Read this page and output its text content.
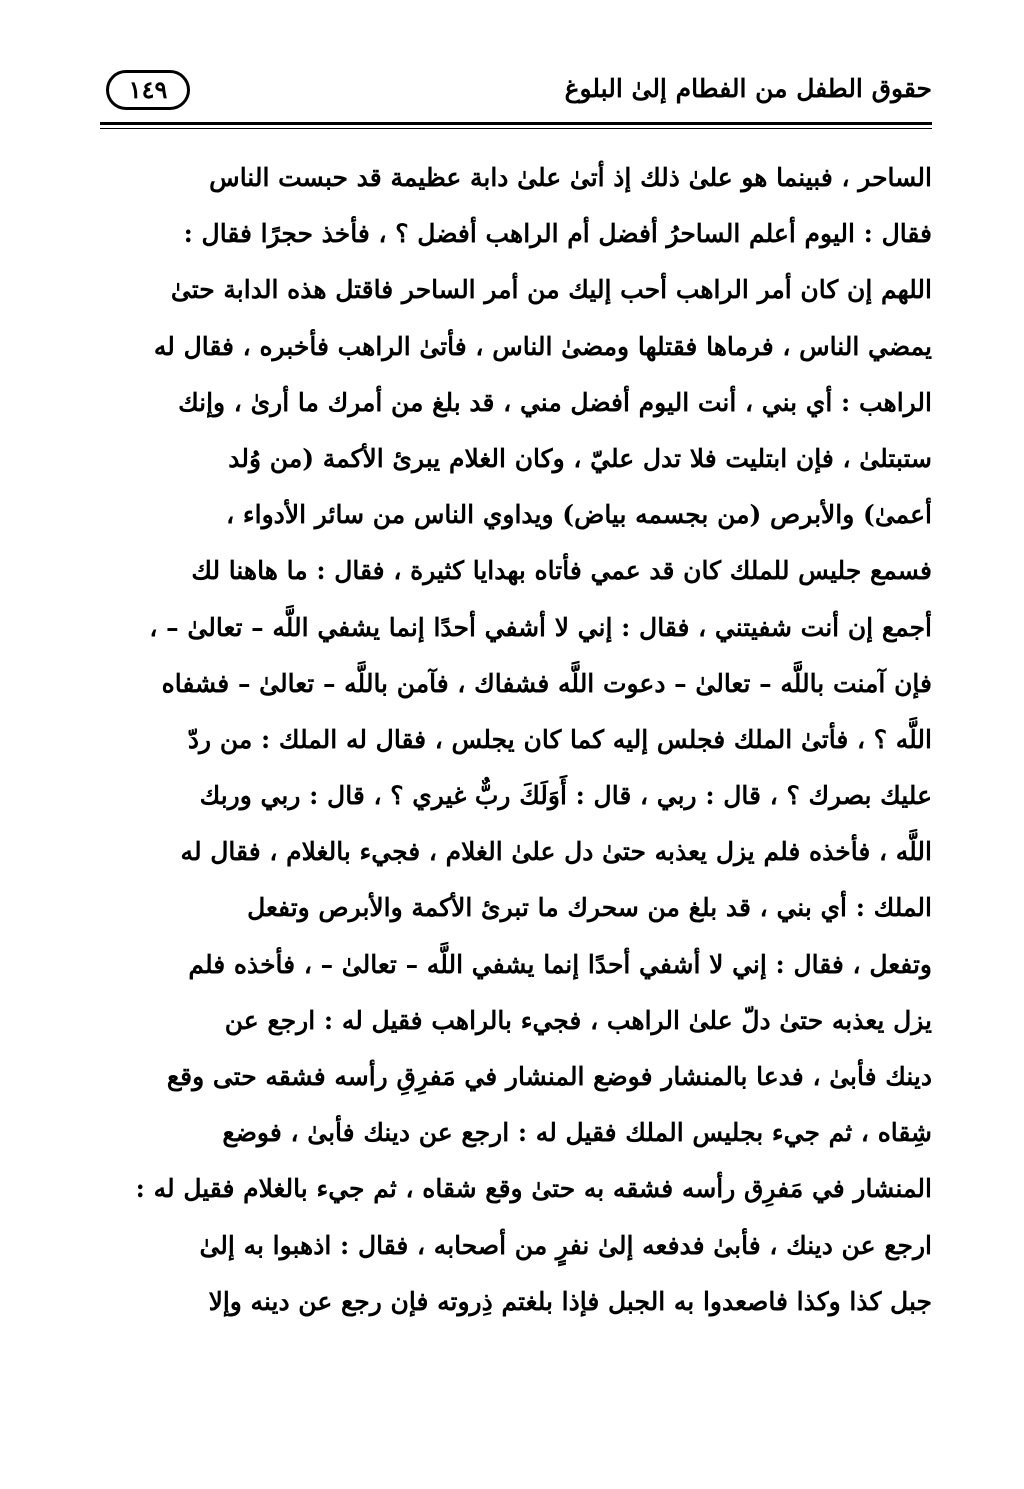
حقوق الطفل من الفطام إلىٰ البلوغ
١٤٩
الساحر ، فبينما هو علىٰ ذلك إذ أتىٰ علىٰ دابة عظيمة قد حبست الناس
فقال : اليوم أعلم الساحرُ أفضل أم الراهب أفضل ؟ ، فأخذ حجرًا فقال :
اللهم إن كان أمر الراهب أحب إليك من أمر الساحر فاقتل هذه الدابة حتىٰ
يمضي الناس ، فرماها فقتلها ومضىٰ الناس ، فأتىٰ الراهب فأخبره ، فقال له
الراهب : أي بني ، أنت اليوم أفضل مني ، قد بلغ من أمرك ما أرىٰ ، وإنك
ستبتلىٰ ، فإن ابتليت فلا تدل عليّ ، وكان الغلام يبرئ الأكمة (من وُلد
أعمىٰ) والأبرص (من بجسمه بياض) ويداوي الناس من سائر الأدواء ،
فسمع جليس للملك كان قد عمي فأتاه بهدايا كثيرة ، فقال : ما هاهنا لك
أجمع إن أنت شفيتني ، فقال : إني لا أشفي أحدًا إنما يشفي اللَّه – تعالىٰ – ،
فإن آمنت باللَّه – تعالىٰ – دعوت اللَّه فشفاك ، فآمن باللَّه – تعالىٰ – فشفاه
اللَّه ؟ ، فأتىٰ الملك فجلس إليه كما كان يجلس ، فقال له الملك : من ردّ
عليك بصرك ؟ ، قال : ربي ، قال : أَوَلَكَ ربٌّ غيري ؟ ، قال : ربي وربك
اللَّه ، فأخذه فلم يزل يعذبه حتىٰ دل علىٰ الغلام ، فجيء بالغلام ، فقال له
الملك : أي بني ، قد بلغ من سحرك ما تبرئ الأكمة والأبرص وتفعل
وتفعل ، فقال : إني لا أشفي أحدًا إنما يشفي اللَّه – تعالىٰ – ، فأخذه فلم
يزل يعذبه حتىٰ دلّ علىٰ الراهب ، فجيء بالراهب فقيل له : ارجع عن
دينك فأبىٰ ، فدعا بالمنشار فوضع المنشار في مَفرِقِ رأسه فشقه حتى وقع
شِقاه ، ثم جيء بجليس الملك فقيل له : ارجع عن دينك فأبىٰ ، فوضع
المنشار في مَفرِق رأسه فشقه به حتىٰ وقع شقاه ، ثم جيء بالغلام فقيل له :
ارجع عن دينك ، فأبىٰ فدفعه إلىٰ نفرٍ من أصحابه ، فقال : اذهبوا به إلىٰ
جبل كذا وكذا فاصعدوا به الجبل فإذا بلغتم ذِروته فإن رجع عن دينه وإلا
